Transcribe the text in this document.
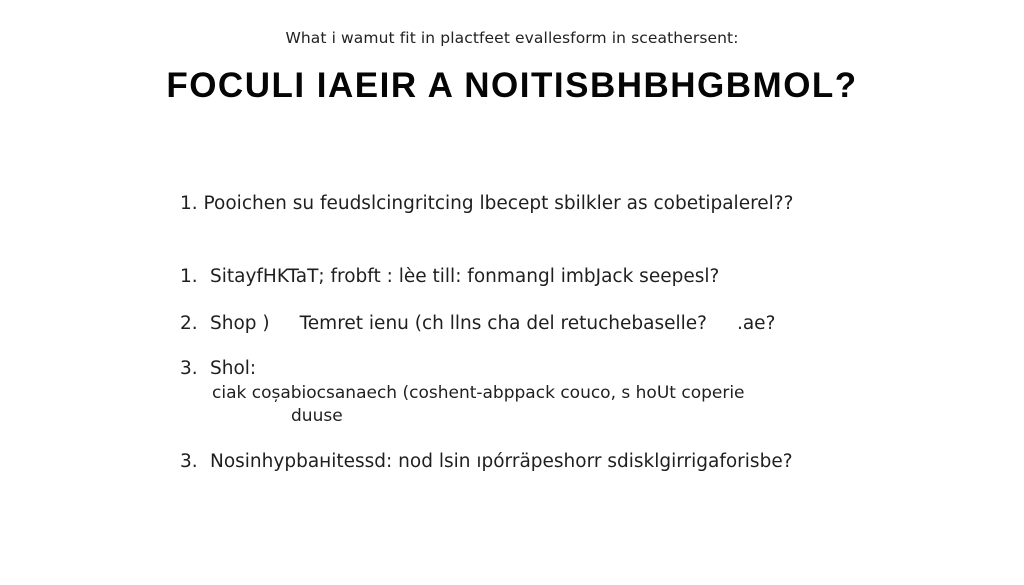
What i wamut fit in plactfeet evallesform in sceathersent:
FOCULI IAEIR A NOITISBHBHGBMOL?
1. Pooichen su feudslcingritcing lbecept sbilkler as cobetipalerel??
1. SitayfHKTaT; frobft : lèe till: fonmangl imbJack seepesl?
2. Shop ) Temret ienu (ch llns cha del retuchebaselle? .ae?
3. Shol:
ciak coșabiocsanaech (coshent-abppack couco, s hoUt coperie
duuse
3. Nosinhypbaнitessd: nod lsin ıpórräpeshorr sdisklgirrigaforisbe?
